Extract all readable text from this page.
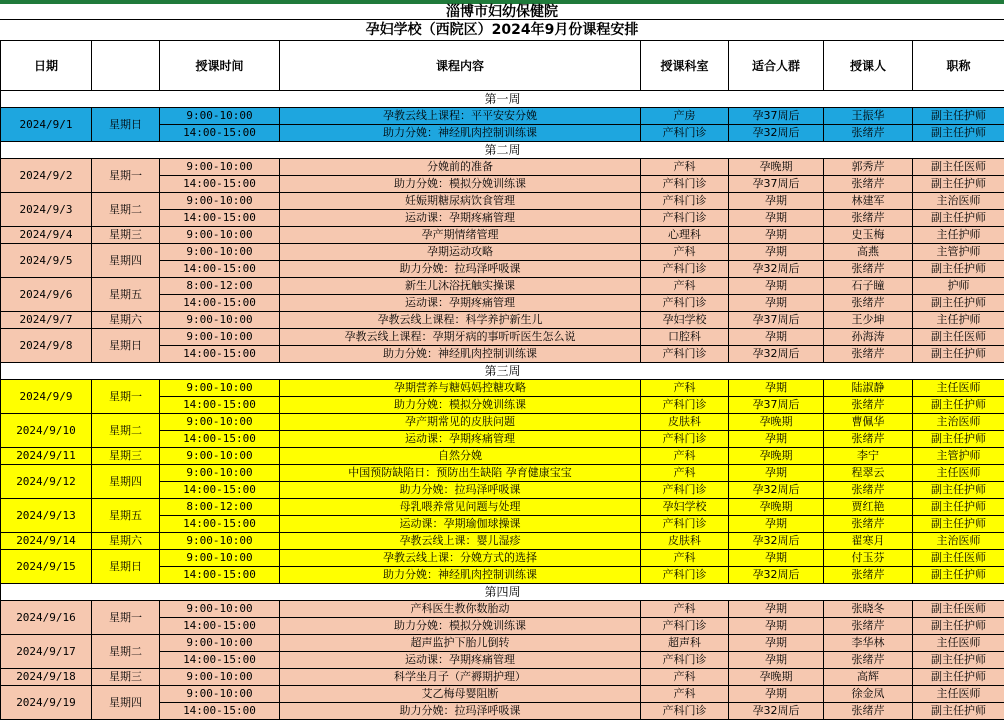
淄博市妇幼保健院
孕妇学校（西院区）2024年9月份课程安排
日期		授课时间	课程内容	授课科室	适合人群	授课人	职称
第一周							
2024/9/1	星期日	9:00-10:00	孕教云线上课程：平平安安分娩	产房	孕37周后	王振华	副主任护师
		14:00-15:00	助力分娩：神经肌肉控制训练课	产科门诊	孕32周后	张绪芹	副主任护师
第二周							
2024/9/2	星期一	9:00-10:00	分娩前的准备	产科	孕晚期	郭秀芹	副主任医师
		14:00-15:00	助力分娩：模拟分娩训练课	产科门诊	孕37周后	张绪芹	副主任护师
2024/9/3	星期二	9:00-10:00	妊娠期糖尿病饮食管理	产科门诊	孕期	林建军	主治医师
		14:00-15:00	运动课：孕期疼痛管理	产科门诊	孕期	张绪芹	副主任护师
2024/9/4	星期三	9:00-10:00	孕产期情绪管理	心理科	孕期	史玉梅	主任护师
2024/9/5	星期四	9:00-10:00	孕期运动攻略	产科	孕期	高燕	主管护师
		14:00-15:00	助力分娩：拉玛泽呼吸课	产科门诊	孕32周后	张绪芹	副主任护师
2024/9/6	星期五	8:00-12:00	新生儿沐浴抚触实操课	产科	孕期	石子瞳	护师
		14:00-15:00	运动课：孕期疼痛管理	产科门诊	孕期	张绪芹	副主任护师
2024/9/7	星期六	9:00-10:00	孕教云线上课程：科学养护新生儿	孕妇学校	孕37周后	王少坤	主任护师
2024/9/8	星期日	9:00-10:00	孕教云线上课程：孕期牙病的事听听医生怎么说	口腔科	孕期	孙海涛	副主任医师
		14:00-15:00	助力分娩：神经肌肉控制训练课	产科门诊	孕32周后	张绪芹	副主任护师
第三周							
2024/9/9	星期一	9:00-10:00	孕期营养与糖妈妈控糖攻略	产科	孕期	陆淑静	主任医师
		14:00-15:00	助力分娩：模拟分娩训练课	产科门诊	孕37周后	张绪芹	副主任护师
2024/9/10	星期二	9:00-10:00	孕产期常见的皮肤问题	皮肤科	孕晚期	曹佩华	主治医师
		14:00-15:00	运动课：孕期疼痛管理	产科门诊	孕期	张绪芹	副主任护师
2024/9/11	星期三	9:00-10:00	自然分娩	产科	孕晚期	李宁	主管护师
2024/9/12	星期四	9:00-10:00	中国预防缺陷日：预防出生缺陷 孕育健康宝宝	产科	孕期	程翠云	主任医师
		14:00-15:00	助力分娩：拉玛泽呼吸课	产科门诊	孕32周后	张绪芹	副主任护师
2024/9/13	星期五	8:00-12:00	母乳喂养常见问题与处理	孕妇学校	孕晚期	贾红艳	副主任护师
		14:00-15:00	运动课：孕期瑜伽球操课	产科门诊	孕期	张绪芹	副主任护师
2024/9/14	星期六	9:00-10:00	孕教云线上课：婴儿湿疹	皮肤科	孕32周后	翟寒月	主治医师
2024/9/15	星期日	9:00-10:00	孕教云线上课：分娩方式的选择	产科	孕期	付玉芬	副主任医师
		14:00-15:00	助力分娩：神经肌肉控制训练课	产科门诊	孕32周后	张绪芹	副主任护师
第四周							
2024/9/16	星期一	9:00-10:00	产科医生教你数胎动	产科	孕期	张晓冬	副主任医师
		14:00-15:00	助力分娩：模拟分娩训练课	产科门诊	孕期	张绪芹	副主任护师
2024/9/17	星期二	9:00-10:00	超声监护下胎儿倒转	超声科	孕期	李华林	主任医师
		14:00-15:00	运动课：孕期疼痛管理	产科门诊	孕期	张绪芹	副主任护师
2024/9/18	星期三	9:00-10:00	科学坐月子（产褥期护理）	产科	孕晚期	高辉	副主任护师
2024/9/19	星期四	9:00-10:00	艾乙梅母婴阻断	产科	孕期	徐金凤	主任医师
		14:00-15:00	助力分娩：拉玛泽呼吸课	产科门诊	孕32周后	张绪芹	副主任护师
